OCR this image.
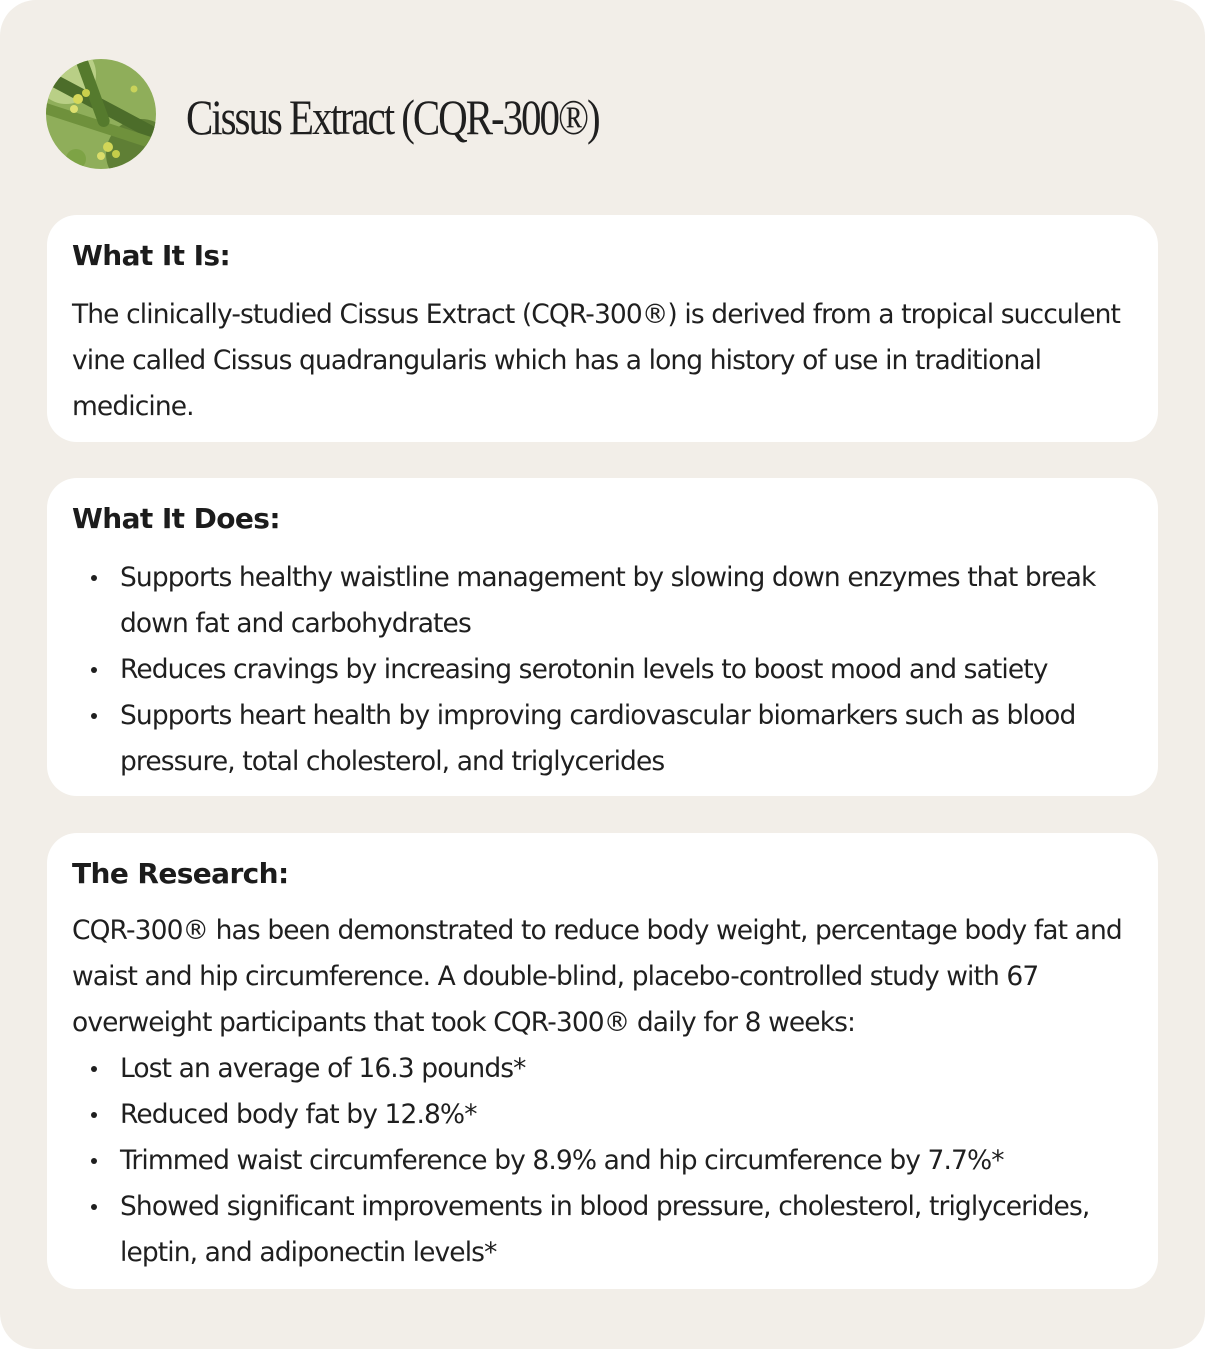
Cissus Extract (CQR-300®)
What It Is:

The clinically-studied Cissus Extract (CQR-300®) is derived from a tropical succulent vine called Cissus quadrangularis which has a long history of use in traditional medicine.

What It Does:
Supports healthy waistline management by slowing down enzymes that break down fat and carbohydrates
Reduces cravings by increasing serotonin levels to boost mood and satiety
Supports heart health by improving cardiovascular biomarkers such as blood pressure, total cholesterol, and triglycerides
The Research:

CQR-300® has been demonstrated to reduce body weight, percentage body fat and waist and hip circumference. A double-blind, placebo-controlled study with 67 overweight participants that took CQR-300® daily for 8 weeks:

Lost an average of 16.3 pounds*
Reduced body fat by 12.8%*
Trimmed waist circumference by 8.9% and hip circumference by 7.7%*
Showed significant improvements in blood pressure, cholesterol, triglycerides, leptin, and adiponectin levels*
